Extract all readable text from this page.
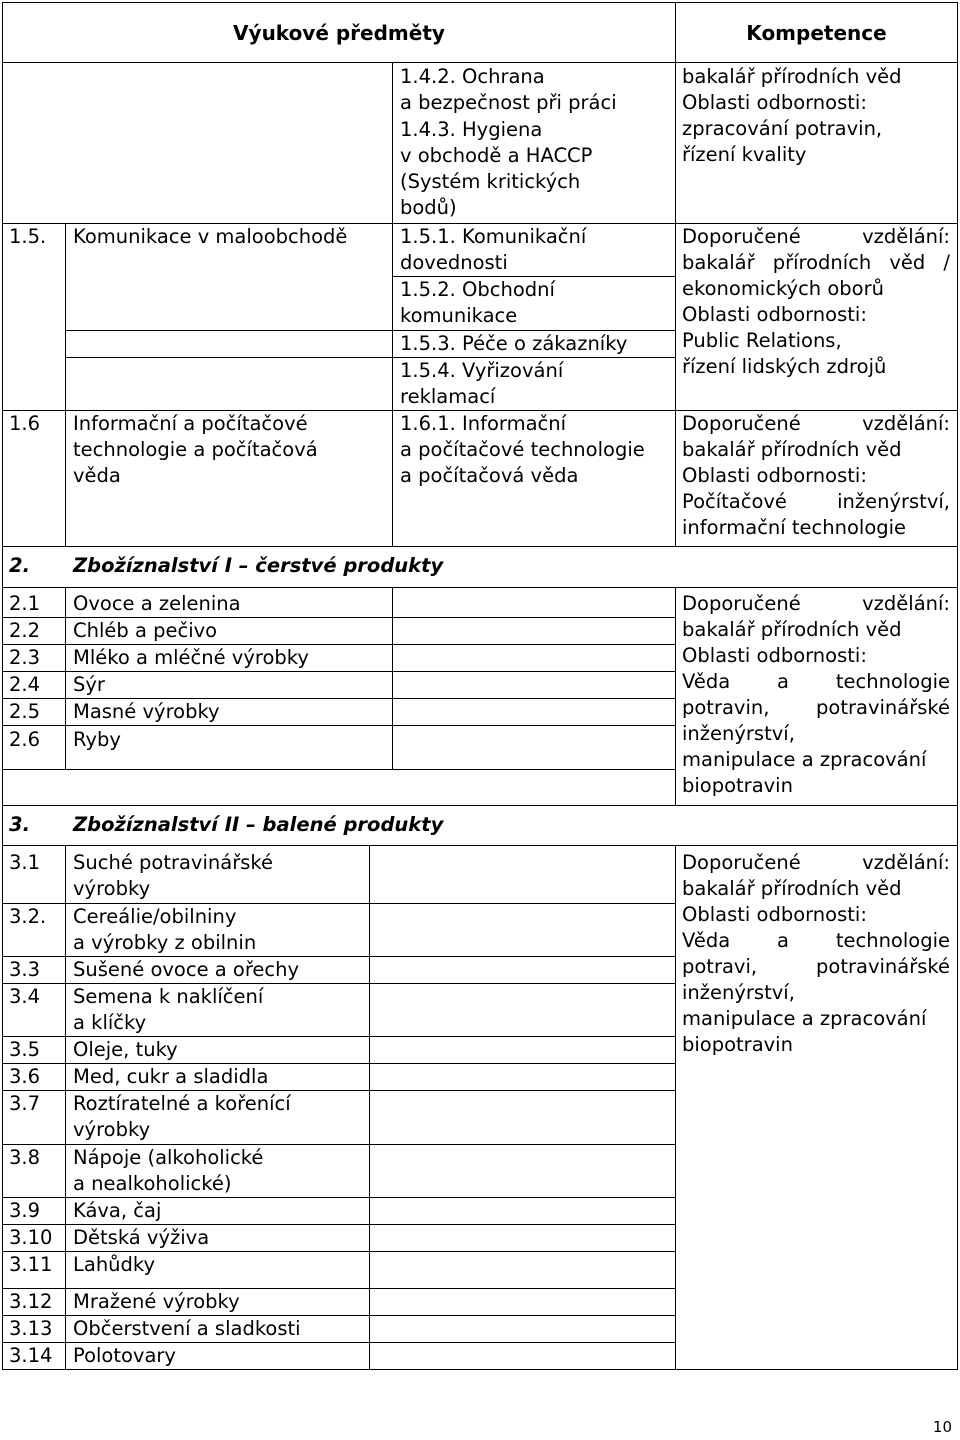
Výukové předměty	Kompetence
1.4.2. Ochrana
a bezpečnost při práci
1.4.3. Hygiena
v obchodě a HACCP
(Systém kritických
bodů)
bakalář přírodních věd
Oblasti odbornosti:
zpracování potravin,
řízení kvality
1.5. Komunikace v maloobchodě	1.5.1. Komunikační
dovednosti
1.5.2. Obchodní
komunikace
1.5.3. Péče o zákazníky
1.5.4. Vyřizování
reklamací
Doporučené vzdělání:
bakalář přírodních věd /
ekonomických oborů
Oblasti odbornosti:
Public Relations,
řízení lidských zdrojů
1.6 Informační a počítačové
technologie a počítačová
věda
1.6.1. Informační
a počítačové technologie
a počítačová věda
Doporučené vzdělání:
bakalář přírodních věd
Oblasti odbornosti:
Počítačové inženýrství,
informační technologie
2. Zbožíznalství I – čerstvé produkty
2.1 Ovoce a zelenina
2.2 Chléb a pečivo
2.3 Mléko a mléčné výrobky
2.4 Sýr
2.5 Masné výrobky
2.6 Ryby
Doporučené vzdělání:
bakalář přírodních věd
Oblasti odbornosti:
Věda a technologie
potravin, potravinářské
inženýrství,
manipulace a zpracování
biopotravin
3. Zbožíznalství II – balené produkty
3.1 Suché potravinářské
výrobky
3.2. Cereálie/obilniny
a výrobky z obilnin
3.3 Sušené ovoce a ořechy
3.4 Semena k naklíčení
a klíčky
3.5 Oleje, tuky
3.6 Med, cukr a sladidla
3.7 Roztíratelné a kořenící
výrobky
3.8 Nápoje (alkoholické
a nealkoholické)
3.9 Káva, čaj
3.10 Dětská výživa
3.11 Lahůdky
3.12 Mražené výrobky
3.13 Občerstvení a sladkosti
3.14 Polotovary
Doporučené vzdělání:
bakalář přírodních věd
Oblasti odbornosti:
Věda a technologie
potravi, potravinářské
inženýrství,
manipulace a zpracování
biopotravin
10
